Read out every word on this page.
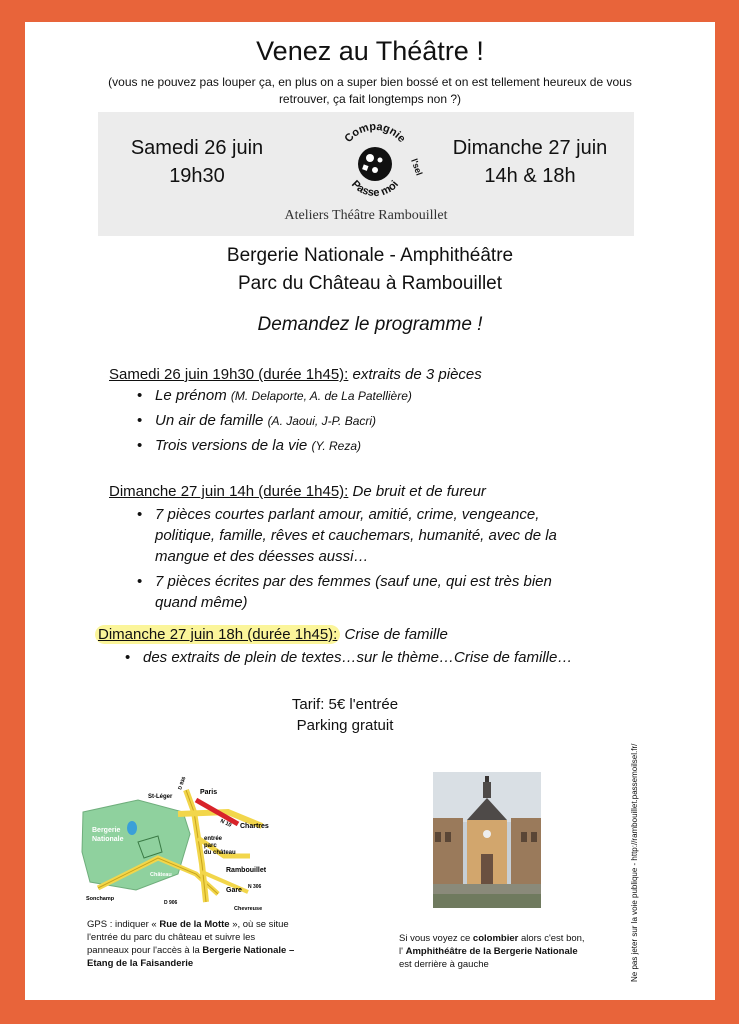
Venez au Théâtre !
(vous ne pouvez pas louper ça, en plus on a super bien bossé et on est tellement heureux de vous retrouver, ça fait longtemps non ?)
Samedi 26 juin
19h30
Dimanche 27 juin
14h & 18h
Compagnie
Passe moi
l'sel
Ateliers Théâtre Rambouillet
Bergerie Nationale - Amphithéâtre
Parc du Château à Rambouillet
Demandez le programme !
Samedi 26 juin 19h30 (durée 1h45): extraits de 3 pièces
• Le prénom (M. Delaporte, A. de La Patellière)
• Un air de famille (A. Jaoui, J-P. Bacri)
• Trois versions de la vie (Y. Reza)
Dimanche 27 juin 14h (durée 1h45): De bruit et de fureur
• 7 pièces courtes parlant amour, amitié, crime, vengeance, politique, famille, rêves et cauchemars, humanité, avec de la mangue et des déesses aussi…
• 7 pièces écrites par des femmes (sauf une, qui est très bien quand même)
Dimanche 27 juin 18h (durée 1h45): Crise de famille
• des extraits de plein de textes…sur le thème…Crise de famille…
Tarif: 5€ l'entrée
Parking gratuit
Paris
St-Léger
N 10 Chartres
Bergerie
Nationale	entrée
parc
du château
Rambouillet
Château
Gare
Sonchamp
Chevreuse
D 906
N 306
D 936
GPS : indiquer « Rue de la Motte », où se situe l'entrée du parc du château et suivre les panneaux pour l'accès à la Bergerie Nationale – Etang de la Faisanderie
Si vous voyez ce colombier alors c'est bon, l' Amphithéâtre de la Bergerie Nationale est derrière à gauche	Ne pas jeter sur la voie publique - http://rambouillet.passemoilsel.fr/
